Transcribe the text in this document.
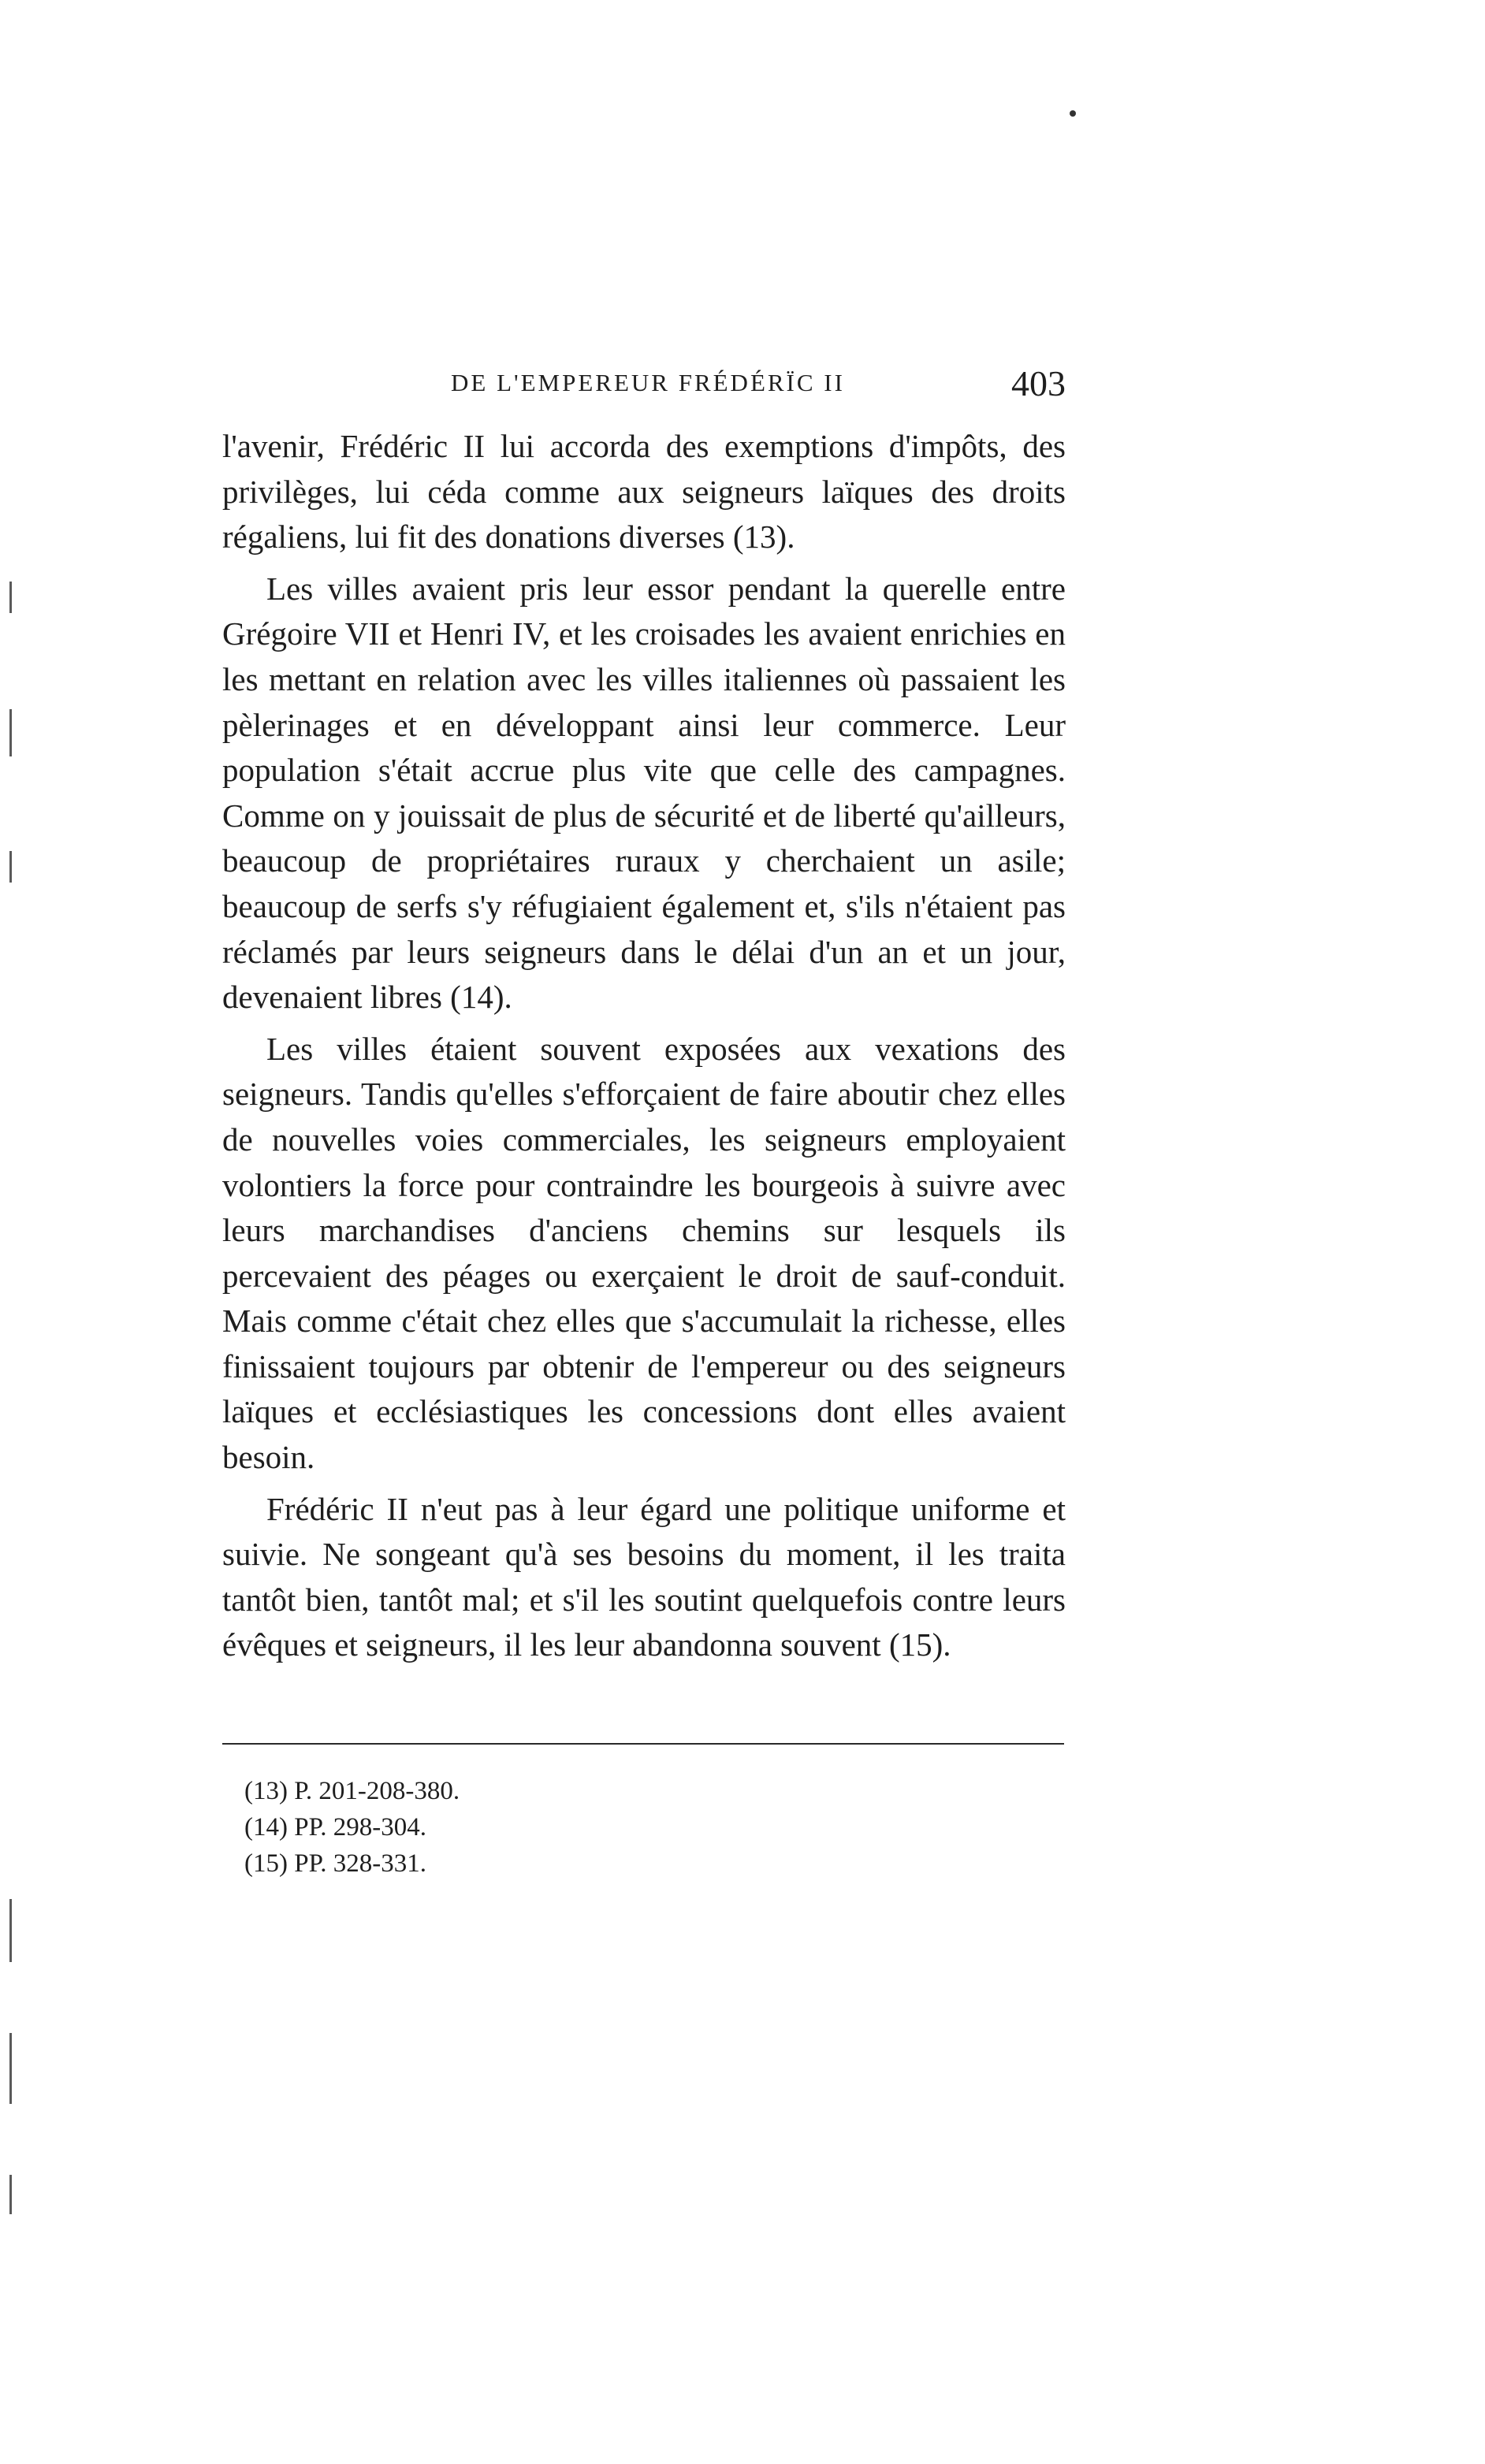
DE L'EMPEREUR FRÉDÉRÏC II	403

l'avenir, Frédéric II lui accorda des exemptions d'impôts, des privilèges, lui céda comme aux seigneurs laïques des droits régaliens, lui fit des donations diverses (13).

Les villes avaient pris leur essor pendant la querelle entre Grégoire VII et Henri IV, et les croisades les avaient enrichies en les mettant en relation avec les villes italiennes où passaient les pèlerinages et en développant ainsi leur commerce. Leur population s'était accrue plus vite que celle des campagnes. Comme on y jouissait de plus de sécurité et de liberté qu'ailleurs, beaucoup de propriétaires ruraux y cherchaient un asile; beaucoup de serfs s'y réfugiaient également et, s'ils n'étaient pas réclamés par leurs seigneurs dans le délai d'un an et un jour, devenaient libres (14).

Les villes étaient souvent exposées aux vexations des seigneurs. Tandis qu'elles s'efforçaient de faire aboutir chez elles de nouvelles voies commerciales, les seigneurs employaient volontiers la force pour contraindre les bourgeois à suivre avec leurs marchandises d'anciens chemins sur lesquels ils percevaient des péages ou exerçaient le droit de sauf-conduit. Mais comme c'était chez elles que s'accumulait la richesse, elles finissaient toujours par obtenir de l'empereur ou des seigneurs laïques et ecclésiastiques les concessions dont elles avaient besoin.

Frédéric II n'eut pas à leur égard une politique uniforme et suivie. Ne songeant qu'à ses besoins du moment, il les traita tantôt bien, tantôt mal; et s'il les soutint quelquefois contre leurs évêques et seigneurs, il les leur abandonna souvent (15).

(13) P. 201-208-380.
(14) PP. 298-304.
(15) PP. 328-331.
